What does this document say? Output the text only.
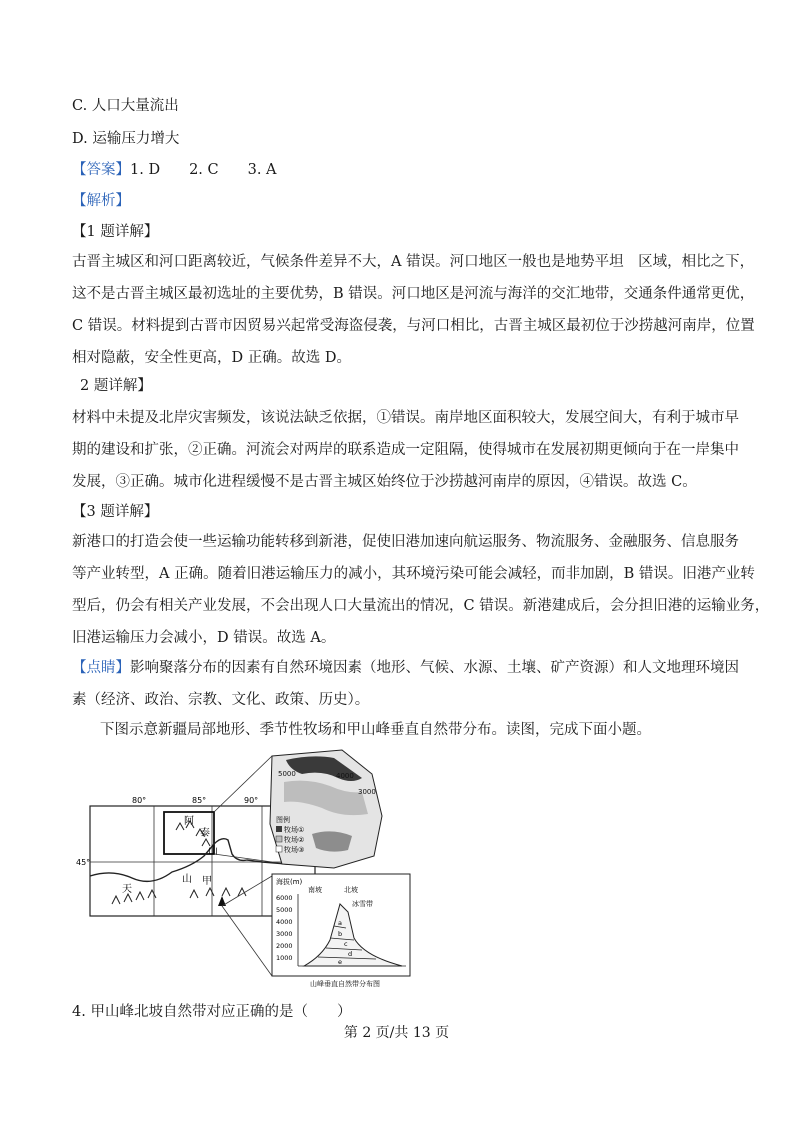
C. 人口大量流出
D. 运输压力增大
【答案】1. D　　2. C　　3. A
【解析】
【1 题详解】
古晋主城区和河口距离较近，气候条件差异不大，A 错误。河口地区一般也是地势平坦　区域，相比之下，
这不是古晋主城区最初选址的主要优势，B 错误。河口地区是河流与海洋的交汇地带，交通条件通常更优，
C 错误。材料提到古晋市因贸易兴起常受海盗侵袭，与河口相比，古晋主城区最初位于沙捞越河南岸，位置
相对隐蔽，安全性更高，D 正确。故选 D。
2 题详解】
材料中未提及北岸灾害频发，该说法缺乏依据，①错误。南岸地区面积较大，发展空间大，有利于城市早
期的建设和扩张，②正确。河流会对两岸的联系造成一定阻隔，使得城市在发展初期更倾向于在一岸集中
发展，③正确。城市化进程缓慢不是古晋主城区始终位于沙捞越河南岸的原因，④错误。故选 C。
【3 题详解】
新港口的打造会使一些运输功能转移到新港，促使旧港加速向航运服务、物流服务、金融服务、信息服务
等产业转型，A 正确。随着旧港运输压力的减小，其环境污染可能会减轻，而非加剧，B 错误。旧港产业转
型后，仍会有相关产业发展，不会出现人口大量流出的情况，C 错误。新港建成后，会分担旧港的运输业务，
旧港运输压力会减小，D 错误。故选 A。
【点睛】影响聚落分布的因素有自然环境因素（地形、气候、水源、土壤、矿产资源）和人文地理环境因
素（经济、政治、宗教、文化、政策、历史）。
下图示意新疆局部地形、季节性牧场和甲山峰垂直自然带分布。读图，完成下面小题。
80°	85°	90°
45°
阿
泰
山
天
山 甲
5000	4000
3000
图例
牧场①
牧场②
牧场③
海拔(m)
南坡	北坡
6000
5000
4000
3000
2000
1000
冰雪带
a
b
c
d
e
山峰垂直自然带分布图
4. 甲山峰北坡自然带对应正确的是（　　）
第 2 页/共 13 页
